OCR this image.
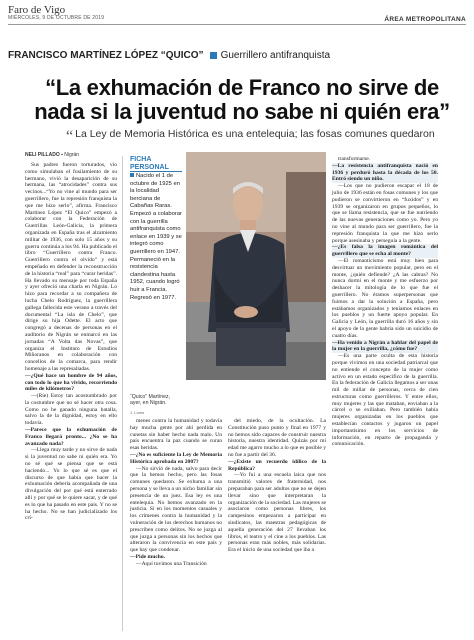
Faro de Vigo
MIÉRCOLES, 9 DE OCTUBRE DE 2019	ÁREA METROPOLITANA
FRANCISCO MARTÍNEZ LÓPEZ “QUICO” Guerrillero antifranquista
“La exhumación de Franco no sirve de nada si la juventud no sabe ni quién era”
“ La Ley de Memoria Histórica es una entelequia; las fosas comunes quedaron
NELI PILLADO ▪ Nigrán

Sus padres fueron torturados, vio como simulaban el fusilamiento de su hermano, vivió la desaparición de su hermana, las “atrocidades” contra sus vecinos...“Yo no vine al mundo para ser guerrillero, fue la represión franquista la que me hizo serlo”, afirma. Francisco Martínez López “El Quico” empezó a colaborar con la Federación de Guerrillas León-Galicia, la primera organizada en España tras el alzamiento militar de 1936, con solo 15 años y su guerra continúa a los 94. Ha publicado el libro “Guerrillero contra Franco. Guerrillero contra el olvido” y está empeñado en defender la reconstrucción de la historia “real” para “curar heridas”. Ha llevado su mensaje por toda España y ayer ofreció una charla en Nigrán. Lo hizo para recordar a su compañera de lucha Chelo Rodríguez, la guerrillera gallega fallecida este verano a través del documental “La isla de Chelo”, que dirige su hija Odette. El acto que congregó a decenas de personas en el auditorio de Nigrán se enmarcó en las jornadas “A Volta das Novas”, que organiza el Instituto de Estudios Miñoranos en colaboración con concellos de la comarca, para rendir homenaje a las represaliadas.

—¿Qué hace un hombre de 94 años, con todo lo que ha vivido, recorriendo miles de kilómetros?

—(Ríe) Estoy tan acostumbrado por la costumbre que no sé hacer otra cosa. Como no he ganado ninguna batalla, salvo la de la dignidad, estoy en ello todavía.

—Parece que la exhumación de Franco llegará pronto... ¿No se ha avanzado nada?

—Llega muy tarde y no sirve de nada si la juventud no sabe ni quién era. Yo no sé qué se piensa que se está haciendo... Yo lo que sé es que el discurso de que había que hacer la exhumación debería acompañada de una divulgación del por qué está enterrado allí y por qué se le quiere sacar, y de qué es lo que ha pasado en este país. Y no se ha hecho. No se han judicializado los crí-

FICHA
PERSONAL
Nacido el 1 de octubre de 1925 en la localidad berciana de Cabañas Raras. Empezó a colaborar con la guerrilla antifranquista como enlace en 1939 y se integró como guerrillero en 1947. Permaneció en la resistencia clandestina hasta 1952, cuando logró huir a Francia. Regresó en 1977.
“Quico” Martínez, ayer, en Nigrán.
J. Lores

menes contra la humanidad y todavía hay mucha gente por ahí perdida en cunetas sin haber hecho nada malo. Un país encuentra la paz cuando se curan esas heridas.

—¿No es suficiente la Ley de Memoria Histórica aprobada en 2007?

—No sirvió de nada, salvo para decir que la hemos hecho, pero las fosas comunes quedaron. Se exhuma a una persona y se lleva a un nicho familiar sin presencia de un juez. Esa ley es una entelequia. No hemos avanzado en la justicia. Si en los momentos casuales y los crímenes contra la humanidad y la vulneración de los derechos humanos no prescriben como delitos. No se juzga al que juzga a personas sin los hechos que alteraron la convivencia en este país y que hay que condenar.

—Pide mucho.

—Aquí tuvimos una Transición

del miedo, de la ocultación. La Constitución puso punto y final en 1977 y no hemos sido capaces de construir nuestra historia, nuestra identidad. Quizás por mi edad me agarro mucho a lo que es posible y no fue a partir del 36.

—¿Existe un recuerdo idílico de la República?

—Yo fui a una escuela laica que nos transmitió valores de fraternidad, nos preparaban para ser adultos que no se dejen llevar sino que interpretaran la organización de la sociedad. Las mujeres se asociaron como personas libres, los campesinos empezaron a participar en sindicatos, las maestras pedagógicas de aquella generación del 27 llevaban los libros, el teatro y el cine a los pueblos. Las personas eran más nobles, más solidarias. Era el inicio de una sociedad que iba a

transformarse.

—La resistencia antifranquista nació en 1936 y perduró hasta la década de los 50. Entró siendo un niño.

—Los que no pudieron escapar el 18 de julio de 1936 están en fosas comunes y los que pudieron se convirtieron en “fuxidos” y en 1939 se organizaron en grupos pequeños, lo que se llama resistencia, que se fue nutriendo de las nuevas generaciones como yo. Pero yo no vine al mundo para ser guerrillero, fue la represión franquista la que me hizo serlo porque asesinaba y perseguía a la gente.

—¿Es falsa la imagen romántica del guerrillero que se echa al monte?

—El romanticismo está muy bien para desvirtuar un movimiento popular, pero en el monte, ¿quién defiende? ¿A las cabras? No nunca dormí en el monte y me esfuerzo por deshacer la mitología de lo que fue el guerrillero. No éramos superpersonas que fuimos a dar la solución a España, pero estábamos organizados y teníamos enlaces en los pueblos y un fuerte apoyo popular. En Galicia y León, la guerrilla duró 16 años y sin el apoyo de la gente habría sido un suicidio de cuatro días.

—Ha venido a Nigrán a hablar del papel de la mujer en la guerrilla, ¿cómo fue?

—Es una parte oculta de esta historia porque vivimos en una sociedad patriarcal que no entiende el concepto de la mujer como activo en un estado específico de la guerrilla. En la federación de Galicia llegamos a ser unas mil de millar de personas, cerca de cien estructuras como guerrilleros. Y entre ellos, muy mujeres y las que mataban, enviaban a la cárcel o se exiliaban. Pero también había mujeres organizadas en los pueblos que establecían contactos y jugaron un papel importantísimo en los servicios de información, en reparto de propaganda y comunicación.
